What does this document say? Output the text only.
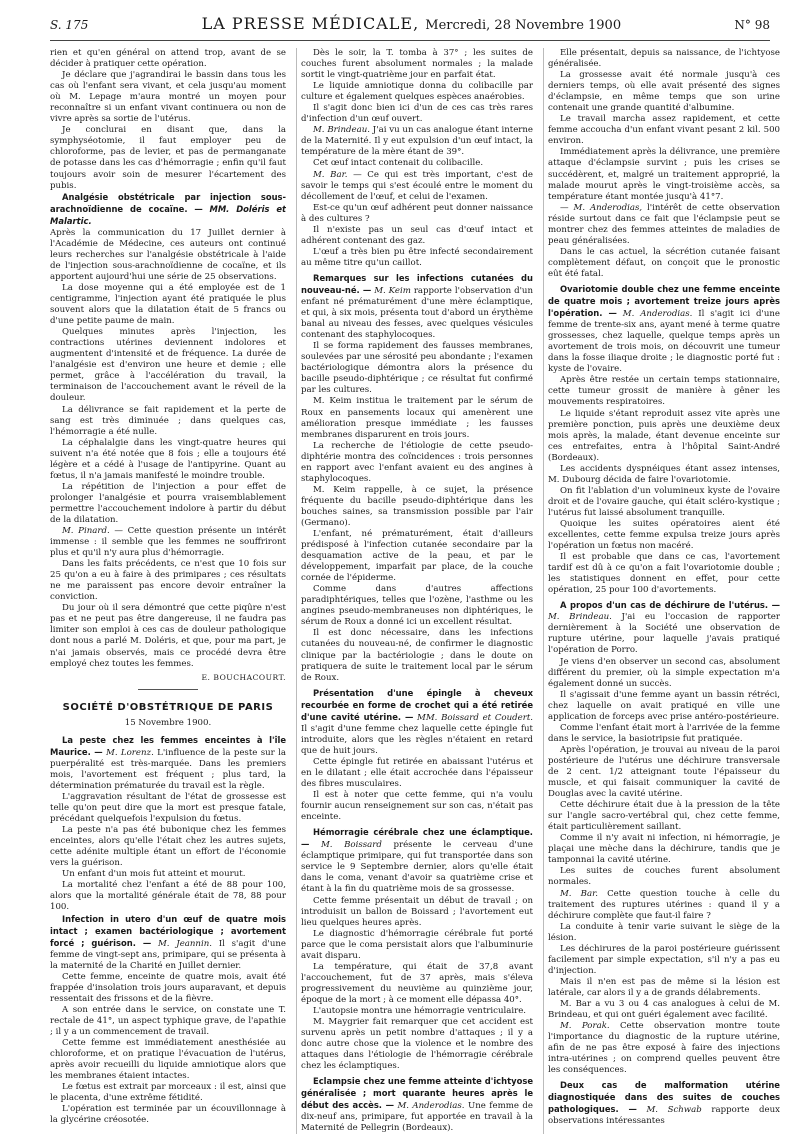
S. 175	LA PRESSE MÉDICALE, Mercredi, 28 Novembre 1900	N° 98

rien et qu'en général on attend trop, avant de se décider à pratiquer cette opération.

Je déclare que j'agrandirai le bassin dans tous les cas où l'enfant sera vivant, et cela jusqu'au moment où M. Lepage m'aura montré un moyen pour reconnaître si un enfant vivant continuera ou non de vivre après sa sortie de l'utérus.

Je conclurai en disant que, dans la symphyséotomie, il faut employer peu de chloroforme, pas de levier, et pas de permanganate de potasse dans les cas d'hémorragie ; enfin qu'il faut toujours avoir soin de mesurer l'écartement des pubis.

Analgésie obstétricale par injection sous-arachnoïdienne de cocaïne. — MM. Doléris et Malartic.

Après la communication du 17 Juillet dernier à l'Académie de Médecine, ces auteurs ont continué leurs recherches sur l'analgésie obstétricale à l'aide de l'injection sous-arachnoïdienne de cocaïne, et ils apportent aujourd'hui une série de 25 observations.

La dose moyenne qui a été employée est de 1 centigramme, l'injection ayant été pratiquée le plus souvent alors que la dilatation était de 5 francs ou d'une petite paume de main.

Quelques minutes après l'injection, les contractions utérines deviennent indolores et augmentent d'intensité et de fréquence. La durée de l'analgésie est d'environ une heure et demie ; elle permet, grâce à l'accélération du travail, la terminaison de l'accouchement avant le réveil de la douleur.

La délivrance se fait rapidement et la perte de sang est très diminuée ; dans quelques cas, l'hémorragie a été nulle.

La céphalalgie dans les vingt-quatre heures qui suivent n'a été notée que 8 fois ; elle a toujours été légère et a cédé à l'usage de l'antipyrine. Quant au fœtus, il n'a jamais manifesté le moindre trouble.

La répétition de l'injection a pour effet de prolonger l'analgésie et pourra vraisemblablement permettre l'accouchement indolore à partir du début de la dilatation.

M. Pinard. — Cette question présente un intérêt immense : il semble que les femmes ne souffriront plus et qu'il n'y aura plus d'hémorragie.

Dans les faits précédents, ce n'est que 10 fois sur 25 qu'on a eu à faire à des primipares ; ces résultats ne me paraissent pas encore devoir entraîner la conviction.

Du jour où il sera démontré que cette piqûre n'est pas et ne peut pas être dangereuse, il ne faudra pas limiter son emploi à ces cas de douleur pathologique dont nous a parlé M. Doléris, et que, pour ma part, je n'ai jamais observés, mais ce procédé devra être employé chez toutes les femmes.

E. BOUCHACOURT.
SOCIÉTÉ D'OBSTÉTRIQUE DE PARIS
15 Novembre 1900.

La peste chez les femmes enceintes à l'île Maurice. — M. Lorenz. L'influence de la peste sur la puerpéralité est très-marquée. Dans les premiers mois, l'avortement est fréquent ; plus tard, la détermination prématurée du travail est la règle.

L'aggravation résultant de l'état de grossesse est telle qu'on peut dire que la mort est presque fatale, précédant quelquefois l'expulsion du fœtus.

La peste n'a pas été bubonique chez les femmes enceintes, alors qu'elle l'était chez les autres sujets, cette adénite multiple étant un effort de l'économie vers la guérison.

Un enfant d'un mois fut atteint et mourut.

La mortalité chez l'enfant a été de 88 pour 100, alors que la mortalité générale était de 78, 88 pour 100.

Infection in utero d'un œuf de quatre mois intact ; examen bactériologique ; avortement forcé ; guérison. — M. Jeannin. Il s'agit d'une femme de vingt-sept ans, primipare, qui se présenta à la maternité de la Charité en Juillet dernier.

Cette femme, enceinte de quatre mois, avait été frappée d'insolation trois jours auparavant, et depuis ressentait des frissons et de la fièvre.

A son entrée dans le service, on constate une T. rectale de 41°, un aspect typhique grave, de l'apathie ; il y a un commencement de travail.

Cette femme est immédiatement anesthésiée au chloroforme, et on pratique l'évacuation de l'utérus, après avoir recueilli du liquide amniotique alors que les membranes étaient intactes.

Le fœtus est extrait par morceaux : il est, ainsi que le placenta, d'une extrême fétidité.

L'opération est terminée par un écouvillonnage à la glycérine créosotée.

Dès le soir, la T. tomba à 37° ; les suites de couches furent absolument normales ; la malade sortit le vingt-quatrième jour en parfait état.

Le liquide amniotique donna du colibacille par culture et également quelques espèces anaérobies.

Il s'agit donc bien ici d'un de ces cas très rares d'infection d'un œuf ouvert.

M. Brindeau. J'ai vu un cas analogue étant interne de la Maternité. Il y eut expulsion d'un œuf intact, la température de la mère étant de 39°.

Cet œuf intact contenait du colibacille.

M. Bar. — Ce qui est très important, c'est de savoir le temps qui s'est écoulé entre le moment du décollement de l'œuf, et celui de l'examen.

Est-ce qu'un œuf adhérent peut donner naissance à des cultures ?

Il n'existe pas un seul cas d'œuf intact et adhérent contenant des gaz.

L'œuf a très bien pu être infecté secondairement au même titre qu'un caillot.

Remarques sur les infections cutanées du nouveau-né. — M. Keim rapporte l'observation d'un enfant né prématurément d'une mère éclamptique, et qui, à six mois, présenta tout d'abord un érythème banal au niveau des fesses, avec quelques vésicules contenant des staphylocoques.

Il se forma rapidement des fausses membranes, soulevées par une sérosité peu abondante ; l'examen bactériologique démontra alors la présence du bacille pseudo-diphtérique ; ce résultat fut confirmé par les cultures.

M. Keim institua le traitement par le sérum de Roux en pansements locaux qui amenèrent une amélioration presque immédiate ; les fausses membranes disparurent en trois jours.

La recherche de l'étiologie de cette pseudo-diphtérie montra des coïncidences : trois personnes en rapport avec l'enfant avaient eu des angines à staphylocoques.

M. Keim rappelle, à ce sujet, la présence fréquente du bacille pseudo-diphtérique dans les bouches saines, sa transmission possible par l'air (Germano).

L'enfant, né prématurément, était d'ailleurs prédisposé à l'infection cutanée secondaire par la desquamation active de la peau, et par le développement, imparfait par place, de la couche cornée de l'épiderme.

Comme dans d'autres affections paradiphtériques, telles que l'ozène, l'asthme ou les angines pseudo-membraneuses non diphtériques, le sérum de Roux a donné ici un excellent résultat.

Il est donc nécessaire, dans les infections cutanées du nouveau-né, de confirmer le diagnostic clinique par la bactériologie ; dans le doute on pratiquera de suite le traitement local par le sérum de Roux.

Présentation d'une épingle à cheveux recourbée en forme de crochet qui a été retirée d'une cavité utérine. — MM. Boissard et Coudert. Il s'agit d'une femme chez laquelle cette épingle fut introduite, alors que les règles n'étaient en retard que de huit jours.

Cette épingle fut retirée en abaissant l'utérus et en le dilatant ; elle était accrochée dans l'épaisseur des fibres musculaires.

Il est à noter que cette femme, qui n'a voulu fournir aucun renseignement sur son cas, n'était pas enceinte.

Hémorragie cérébrale chez une éclamptique. — M. Boissard présente le cerveau d'une éclamptique primipare, qui fut transportée dans son service le 9 Septembre dernier, alors qu'elle était dans le coma, venant d'avoir sa quatrième crise et étant à la fin du quatrième mois de sa grossesse.

Cette femme présentait un début de travail ; on introduisit un ballon de Boissard ; l'avortement eut lieu quelques heures après.

Le diagnostic d'hémorragie cérébrale fut porté parce que le coma persistait alors que l'albuminurie avait disparu.

La température, qui était de 37,8 avant l'accouchement, fut de 37 après, mais s'éleva progressivement du neuvième au quinzième jour, époque de la mort ; à ce moment elle dépassa 40°.

L'autopsie montra une hémorragie ventriculaire.

M. Maygrier fait remarquer que cet accident est survenu après un petit nombre d'attaques ; il y a donc autre chose que la violence et le nombre des attaques dans l'étiologie de l'hémorragie cérébrale chez les éclamptiques.

Eclampsie chez une femme atteinte d'ichtyose généralisée ; mort quarante heures après le début des accès. — M. Anderodias. Une femme de dix-neuf ans, primipare, fut apportée en travail à la Maternité de Pellegrin (Bordeaux).

Elle présentait, depuis sa naissance, de l'ichtyose généralisée.

La grossesse avait été normale jusqu'à ces derniers temps, où elle avait présenté des signes d'éclampsie, en même temps que son urine contenait une grande quantité d'albumine.

Le travail marcha assez rapidement, et cette femme accoucha d'un enfant vivant pesant 2 kil. 500 environ.

Immédiatement après la délivrance, une première attaque d'éclampsie survint ; puis les crises se succédèrent, et, malgré un traitement approprié, la malade mourut après le vingt-troisième accès, sa température étant montée jusqu'à 41°7.

— M. Anderodias, l'intérêt de cette observation réside surtout dans ce fait que l'éclampsie peut se montrer chez des femmes atteintes de maladies de peau généralisées.

Dans le cas actuel, la sécrétion cutanée faisant complètement défaut, on conçoit que le pronostic eût été fatal.

Ovariotomie double chez une femme enceinte de quatre mois ; avortement treize jours après l'opération. — M. Anderodias. Il s'agit ici d'une femme de trente-six ans, ayant mené à terme quatre grossesses, chez laquelle, quelque temps après un avortement de trois mois, on découvrit une tumeur dans la fosse iliaque droite ; le diagnostic porté fut : kyste de l'ovaire.

Après être restée un certain temps stationnaire, cette tumeur grossit de manière à gêner les mouvements respiratoires.

Le liquide s'étant reproduit assez vite après une première ponction, puis après une deuxième deux mois après, la malade, étant devenue enceinte sur ces entrefaites, entra à l'hôpital Saint-André (Bordeaux).

Les accidents dyspnéiques étant assez intenses, M. Dubourg décida de faire l'ovariotomie.

On fit l'ablation d'un volumineux kyste de l'ovaire droit et de l'ovaire gauche, qui était scléro-kystique ; l'utérus fut laissé absolument tranquille.

Quoique les suites opératoires aient été excellentes, cette femme expulsa treize jours après l'opération un fœtus non macéré.

Il est probable que dans ce cas, l'avortement tardif est dû à ce qu'on a fait l'ovariotomie double ; les statistiques donnent en effet, pour cette opération, 25 pour 100 d'avortements.

A propos d'un cas de déchirure de l'utérus. — M. Brindeau. J'ai eu l'occasion de rapporter dernièrement à la Société une observation de rupture utérine, pour laquelle j'avais pratiqué l'opération de Porro.

Je viens d'en observer un second cas, absolument différent du premier, où la simple expectation m'a également donné un succès.

Il s'agissait d'une femme ayant un bassin rétréci, chez laquelle on avait pratiqué en ville une application de forceps avec prise antéro-postérieure.

Comme l'enfant était mort à l'arrivée de la femme dans le service, la basiotripsie fut pratiquée.

Après l'opération, je trouvai au niveau de la paroi postérieure de l'utérus une déchirure transversale de 2 cent. 1/2 atteignant toute l'épaisseur du muscle, et qui faisait communiquer la cavité de Douglas avec la cavité utérine.

Cette déchirure était due à la pression de la tête sur l'angle sacro-vertébral qui, chez cette femme, était particulièrement saillant.

Comme il n'y avait ni infection, ni hémorragie, je plaçai une mèche dans la déchirure, tandis que je tamponnai la cavité utérine.

Les suites de couches furent absolument normales.

M. Bar. Cette question touche à celle du traitement des ruptures utérines : quand il y a déchirure complète que faut-il faire ?

La conduite à tenir varie suivant le siège de la lésion.

Les déchirures de la paroi postérieure guérissent facilement par simple expectation, s'il n'y a pas eu d'injection.

Mais il n'en est pas de même si la lésion est latérale, car alors il y a de grands délabrements.

M. Bar a vu 3 ou 4 cas analogues à celui de M. Brindeau, et qui ont guéri également avec facilité.

M. Porak. Cette observation montre toute l'importance du diagnostic de la rupture utérine, afin de ne pas être exposé à faire des injections intra-utérines ; on comprend quelles peuvent être les conséquences.

Deux cas de malformation utérine diagnostiquée dans des suites de couches pathologiques. — M. Schwab rapporte deux observations intéressantes
